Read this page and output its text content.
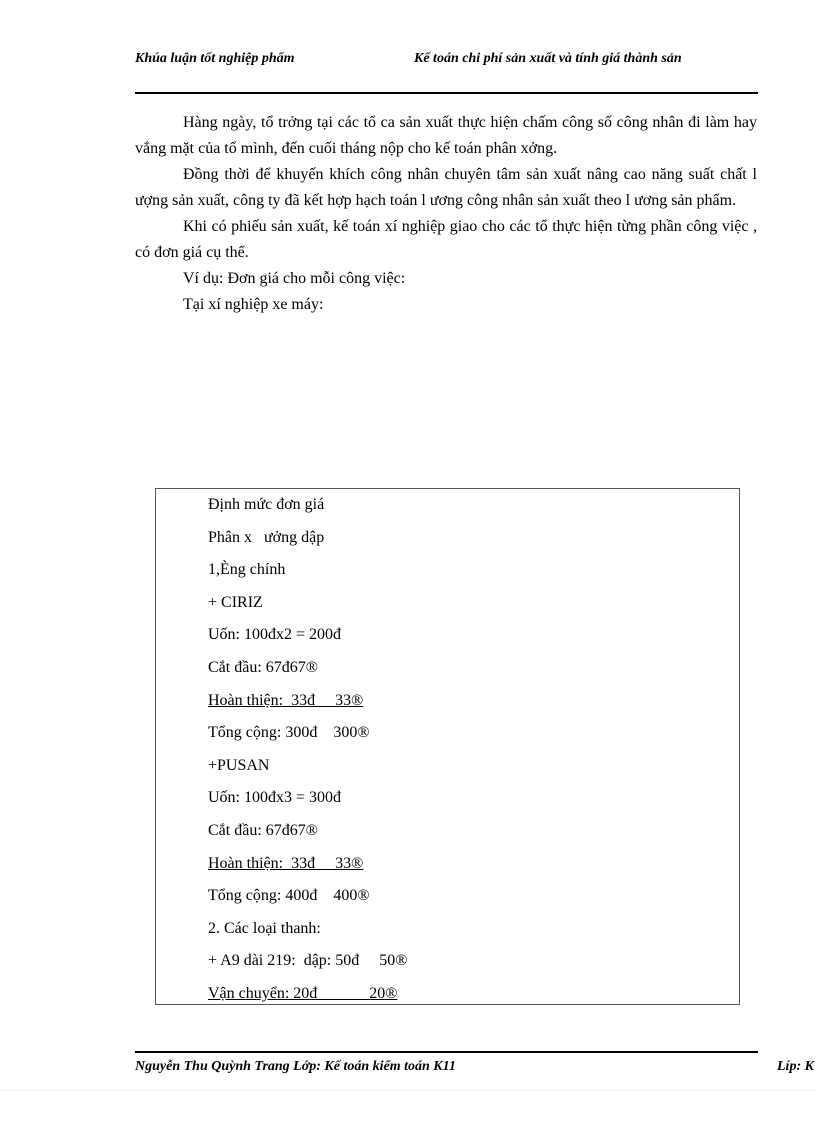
Khúa luận tốt nghiệp phẩm	Kế toán chi phí sản xuất và tính giá thành sản

Hàng ngày, tổ trởng tại các tổ ca sản xuất thực hiện chấm công số công nhân đi làm hay vắng mặt của tổ mình, đến cuối tháng nộp cho kế toán phân xởng.

Đồng thời để khuyến khích công nhân chuyên tâm sản xuất nâng cao năng suất chất l ượng sản xuất, công ty đã kết hợp hạch toán l ương công nhân sản xuất theo l ương sản phẩm.

Khi có phiếu sản xuất, kế toán xí nghiệp giao cho các tổ thực hiện từng phần công việc , có đơn giá cụ thể.

Ví dụ: Đơn giá cho mỗi công việc:

Tại xí nghiệp xe máy:

Định mức đơn giá
Phân x   ưởng dập
1,Èng chính
+ CIRIZ
Uốn: 100đx2 = 200đ
Cắt đầu: 67đ67®
Hoàn thiện:  33đ     33®
Tổng cộng: 300đ    300®
+PUSAN
Uốn: 100đx3 = 300đ
Cắt đầu: 67đ67®
Hoàn thiện:  33đ     33®
Tổng cộng: 400đ    400®
2. Các loại thanh:
+ A9 dài 219:  dập: 50đ     50®
Vận chuyển: 20đ             20®
Nguyễn Thu Quỳnh Trang Lớp: Kế toán kiểm toán K11	Líp: K
